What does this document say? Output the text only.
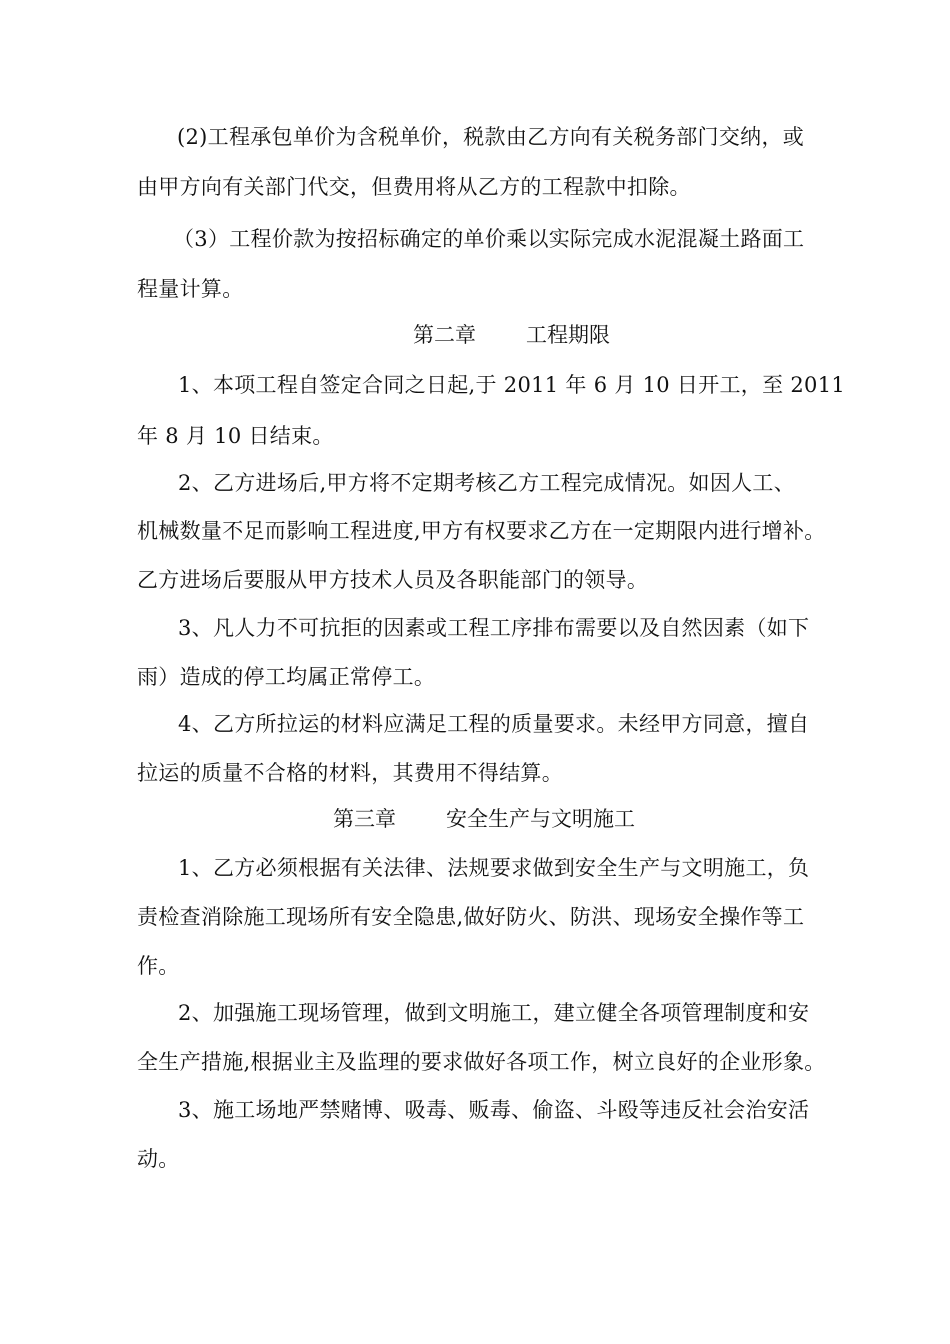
(2)工程承包单价为含税单价，税款由乙方向有关税务部门交纳，或
由甲方向有关部门代交，但费用将从乙方的工程款中扣除。
（3）工程价款为按招标确定的单价乘以实际完成水泥混凝土路面工
程量计算。
第二章 工程期限
1、本项工程自签定合同之日起,于 2011 年 6 月 10 日开工，至 2011
年 8 月 10 日结束。
2、乙方进场后,甲方将不定期考核乙方工程完成情况。如因人工、
机械数量不足而影响工程进度,甲方有权要求乙方在一定期限内进行增补。
乙方进场后要服从甲方技术人员及各职能部门的领导。
3、凡人力不可抗拒的因素或工程工序排布需要以及自然因素（如下
雨）造成的停工均属正常停工。
4、乙方所拉运的材料应满足工程的质量要求。未经甲方同意，擅自
拉运的质量不合格的材料，其费用不得结算。
第三章 安全生产与文明施工
1、乙方必须根据有关法律、法规要求做到安全生产与文明施工，负
责检查消除施工现场所有安全隐患,做好防火、防洪、现场安全操作等工
作。
2、加强施工现场管理，做到文明施工，建立健全各项管理制度和安
全生产措施,根据业主及监理的要求做好各项工作，树立良好的企业形象。
3、施工场地严禁赌博、吸毒、贩毒、偷盗、斗殴等违反社会治安活
动。
